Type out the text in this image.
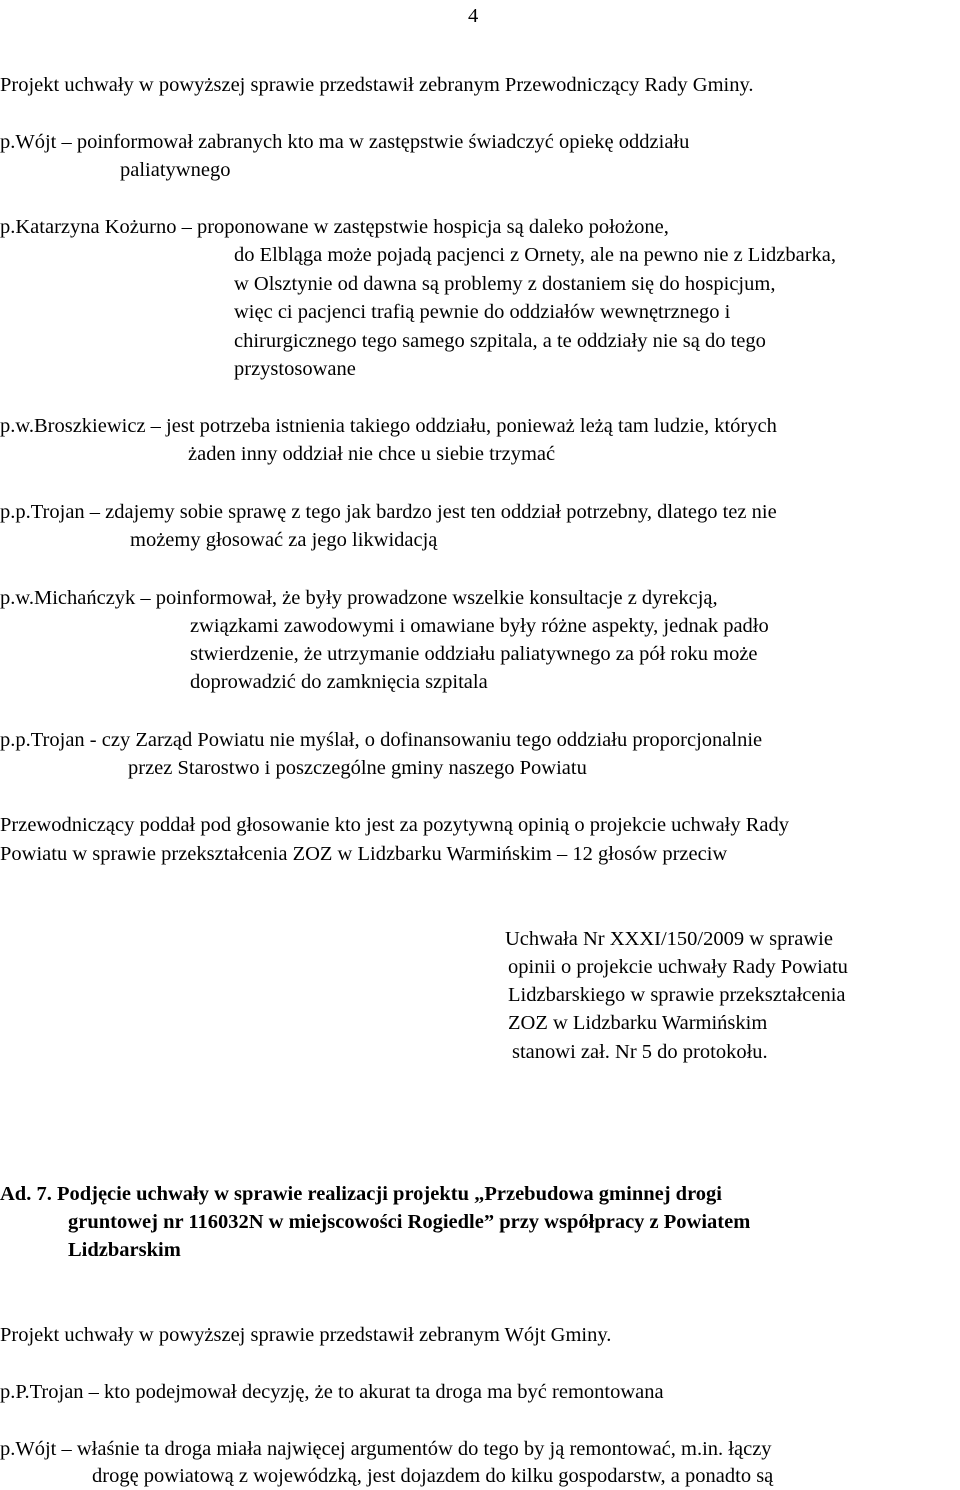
4

Projekt uchwały w powyższej sprawie przedstawił zebranym Przewodniczący Rady Gminy.

p.Wójt – poinformował zabranych kto ma w zastępstwie świadczyć opiekę oddziału

paliatywnego

p.Katarzyna Kożurno – proponowane w zastępstwie hospicja są daleko położone,

do Elbląga może pojadą pacjenci z Ornety, ale na pewno nie z Lidzbarka,

w Olsztynie od dawna są problemy z dostaniem się do hospicjum,

więc ci pacjenci trafią pewnie do oddziałów wewnętrznego i

chirurgicznego tego samego szpitala, a te oddziały nie są do tego

przystosowane

p.w.Broszkiewicz – jest potrzeba istnienia takiego oddziału, ponieważ leżą tam ludzie, których

żaden inny oddział nie chce u siebie trzymać

p.p.Trojan – zdajemy sobie sprawę z tego jak bardzo jest ten oddział potrzebny, dlatego tez nie

możemy głosować za jego likwidacją

p.w.Michańczyk – poinformował, że były prowadzone wszelkie konsultacje z dyrekcją,

związkami zawodowymi i omawiane były różne aspekty, jednak padło

stwierdzenie, że utrzymanie oddziału paliatywnego za pół roku może

doprowadzić do zamknięcia szpitala

p.p.Trojan - czy Zarząd Powiatu nie myślał, o dofinansowaniu tego oddziału proporcjonalnie

przez Starostwo i poszczególne gminy naszego Powiatu

Przewodniczący poddał pod głosowanie kto jest za pozytywną opinią o projekcie uchwały Rady

Powiatu w sprawie przekształcenia ZOZ w Lidzbarku Warmińskim – 12 głosów przeciw

Uchwała Nr XXXI/150/2009 w sprawie

opinii o projekcie uchwały Rady Powiatu

Lidzbarskiego w sprawie przekształcenia

ZOZ w Lidzbarku Warmińskim

stanowi zał. Nr 5 do protokołu.

Ad. 7. Podjęcie uchwały w sprawie realizacji projektu „Przebudowa gminnej drogi

gruntowej nr 116032N w miejscowości Rogiedle” przy współpracy z Powiatem

Lidzbarskim

Projekt uchwały w powyższej sprawie przedstawił zebranym Wójt Gminy.

p.P.Trojan – kto podejmował decyzję, że to akurat ta droga ma być remontowana

p.Wójt – właśnie ta droga miała najwięcej argumentów do tego by ją remontować, m.in. łączy

drogę powiatową z wojewódzką, jest dojazdem do kilku gospodarstw, a ponadto są
